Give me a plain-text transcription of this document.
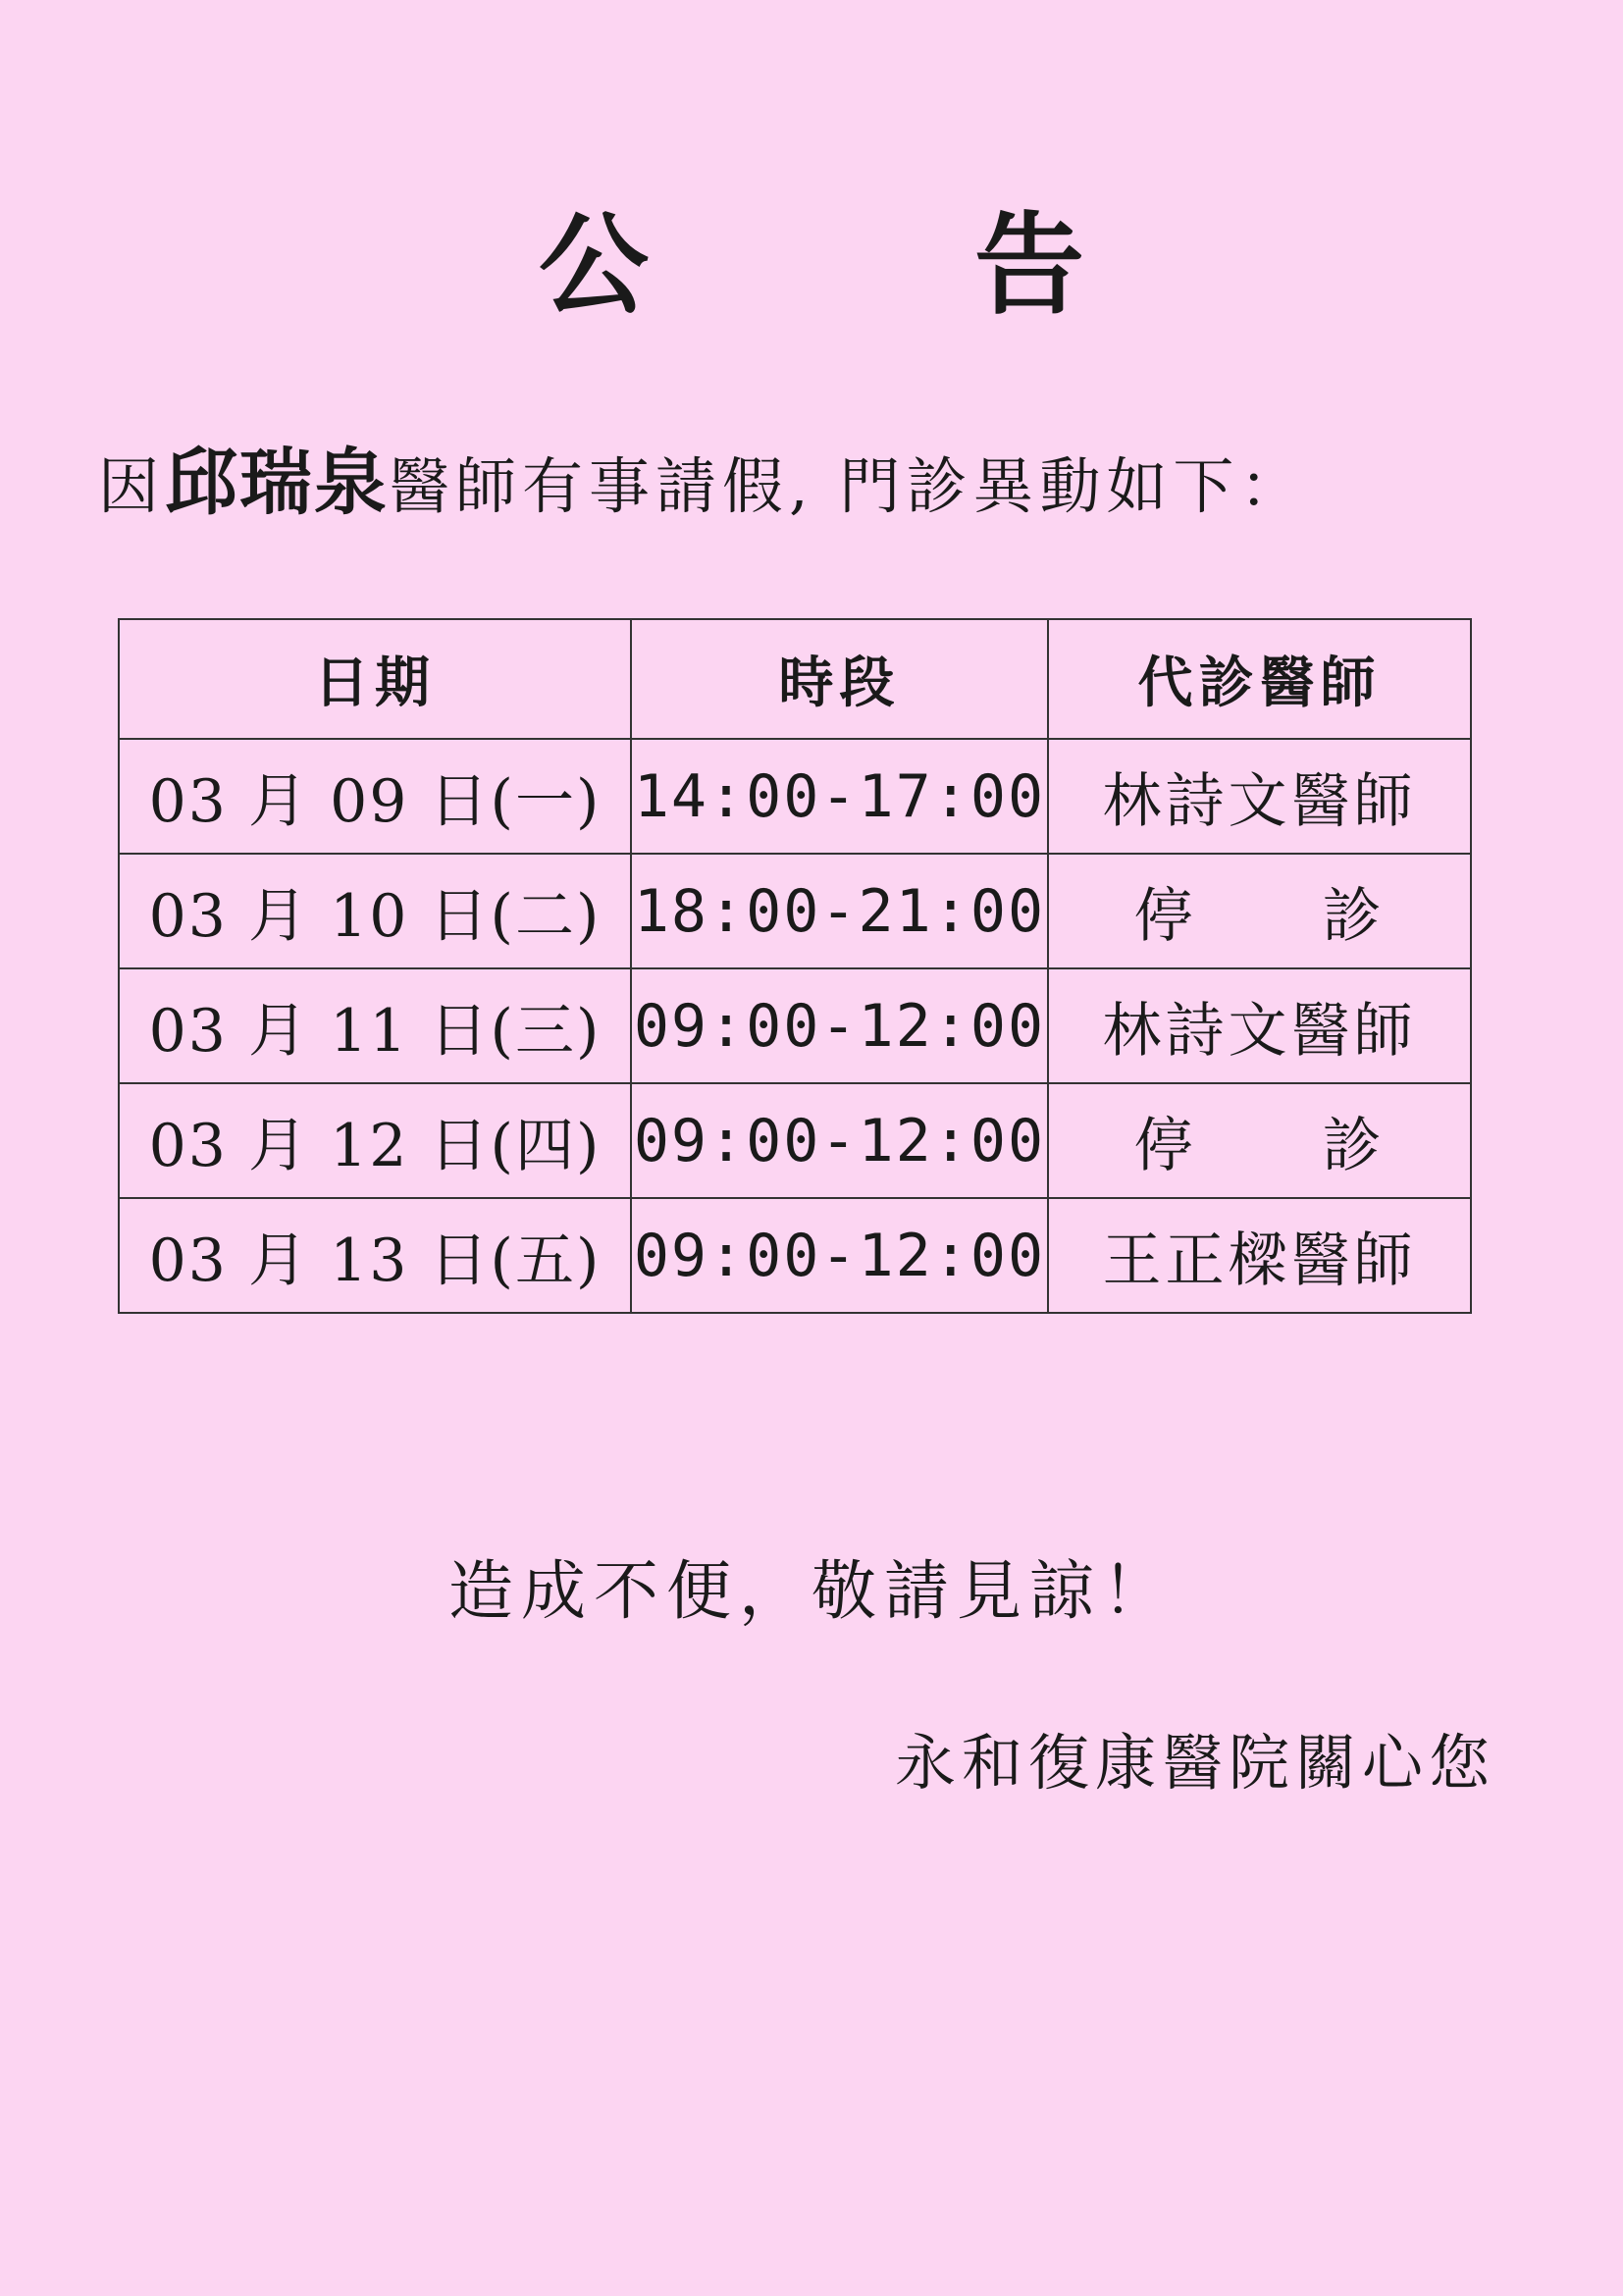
公　告
因邱瑞泉醫師有事請假, 門診異動如下：
日期	時段	代診醫師
03 月 09 日(一)	14:00-17:00	林詩文醫師
03 月 10 日(二)	18:00-21:00	停　　診
03 月 11 日(三)	09:00-12:00	林詩文醫師
03 月 12 日(四)	09:00-12:00	停　　診
03 月 13 日(五)	09:00-12:00	王正樑醫師
造成不便，敬請見諒！
永和復康醫院關心您
